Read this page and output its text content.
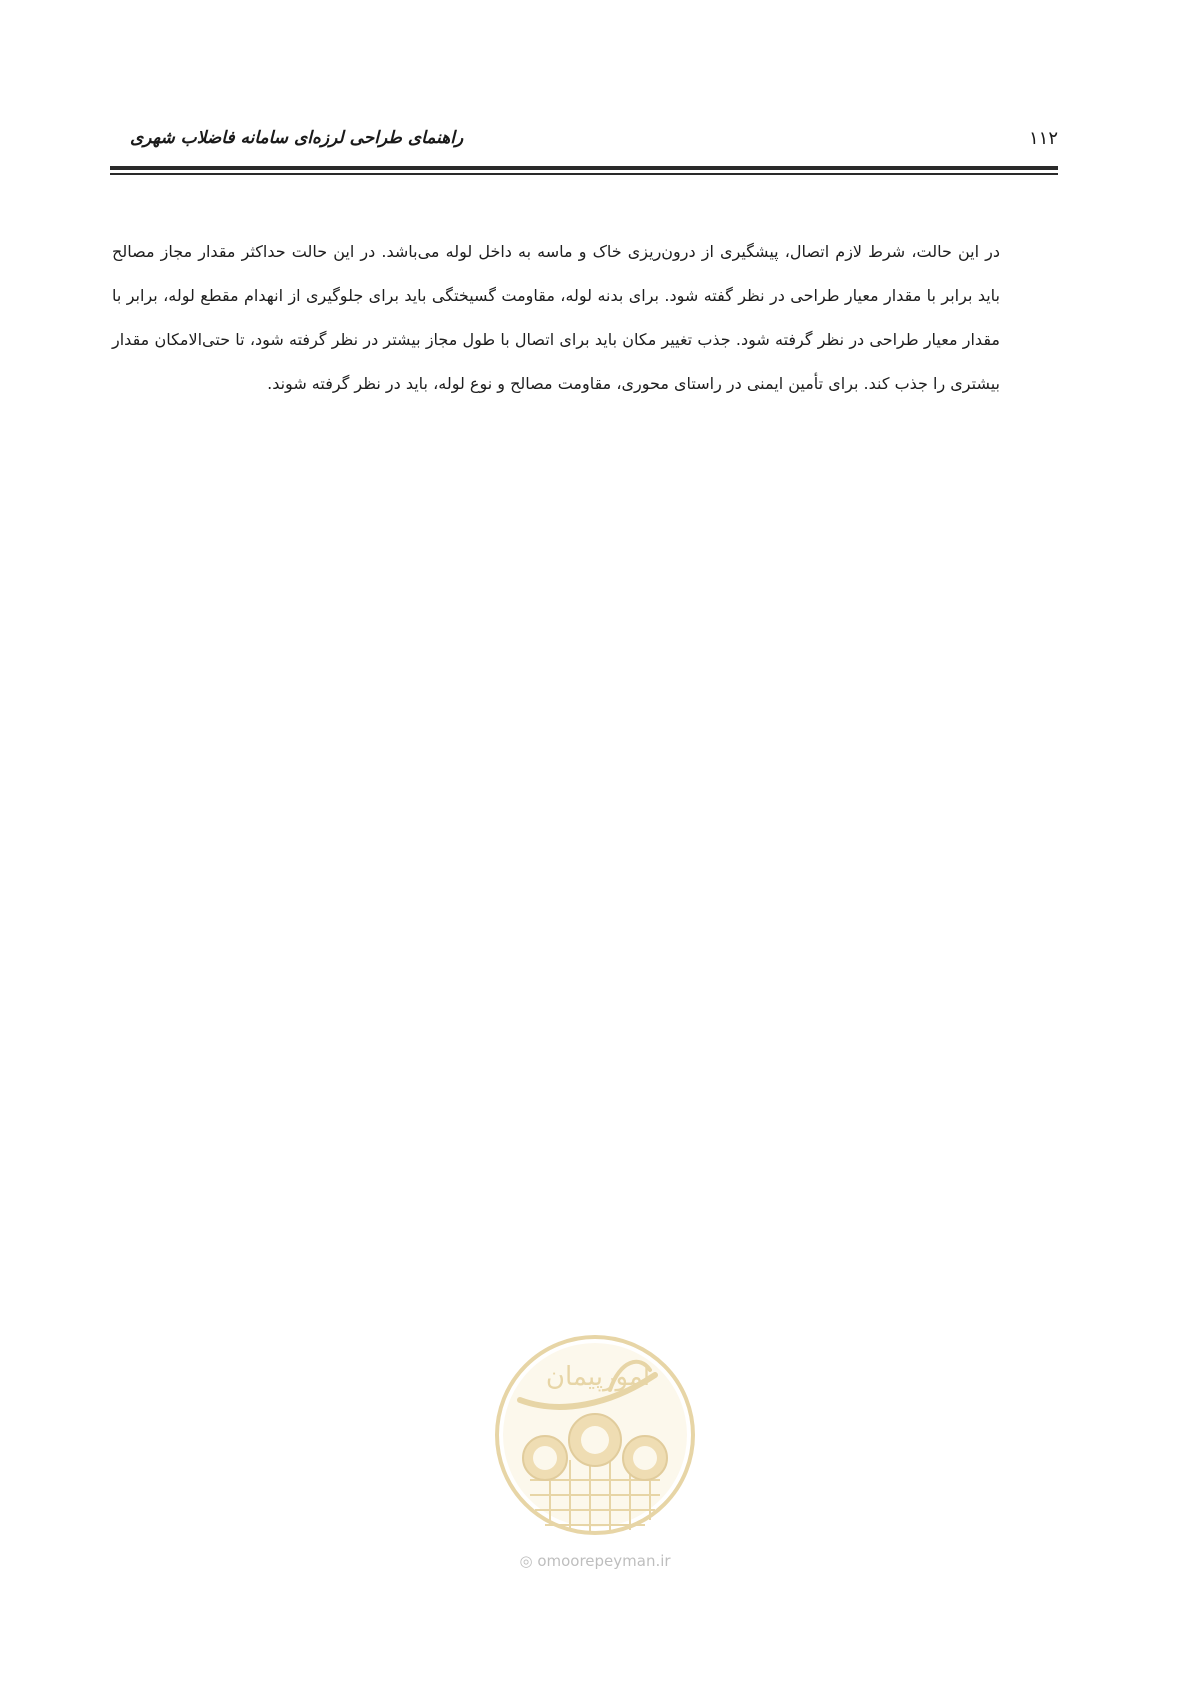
۱۱۲
راهنمای طراحی لرزه‌ای سامانه فاضلاب شهری

در این حالت، شرط لازم اتصال، پیشگیری از درون‌ریزی خاک و ماسه به داخل لوله می‌باشد. در این حالت حداکثر مقدار مجاز مصالح باید برابر با مقدار معیار طراحی در نظر گفته شود. برای بدنه لوله، مقاومت گسیختگی باید برای جلوگیری از انهدام مقطع لوله، برابر با مقدار معیار طراحی در نظر گرفته شود. جذب تغییر مکان باید برای اتصال با طول مجاز بیشتر در نظر گرفته شود، تا حتی‌الامکان مقدار بیشتری را جذب کند. برای تأمین ایمنی در راستای محوری، مقاومت مصالح و نوع لوله، باید در نظر گرفته شوند.

امورپیمان
◎ omoorepeyman.ir
